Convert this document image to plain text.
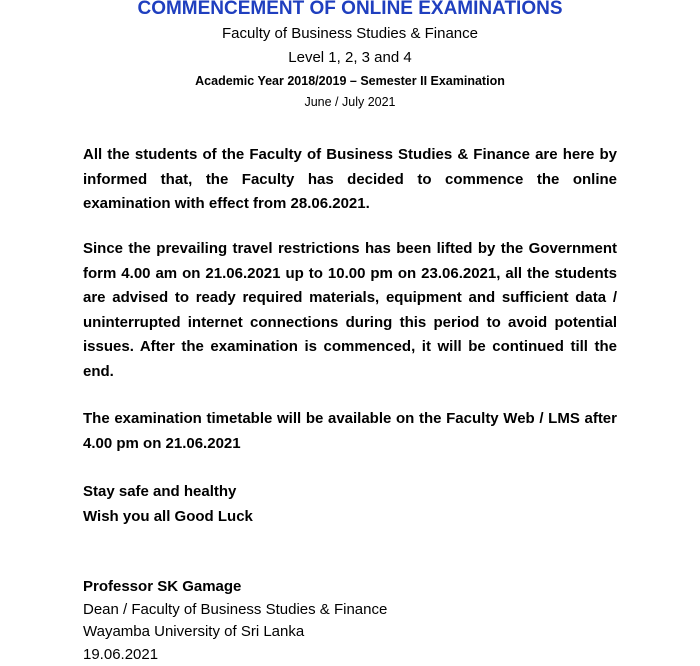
COMMENCEMENT OF ONLINE EXAMINATIONS

Faculty of Business Studies & Finance

Level 1, 2, 3 and 4

Academic Year 2018/2019 – Semester II Examination

June / July 2021

All the students of the Faculty of Business Studies & Finance are here by informed that, the Faculty has decided to commence the online examination with effect from 28.06.2021.

Since the prevailing travel restrictions has been lifted by the Government form 4.00 am on 21.06.2021 up to 10.00 pm on 23.06.2021, all the students are advised to ready required materials, equipment and sufficient data / uninterrupted internet connections during this period to avoid potential issues. After the examination is commenced, it will be continued till the end.

The examination timetable will be available on the Faculty Web / LMS after 4.00 pm on 21.06.2021

Stay safe and healthy

Wish you all Good Luck

Professor SK Gamage
Dean / Faculty of Business Studies & Finance
Wayamba University of Sri Lanka
19.06.2021
